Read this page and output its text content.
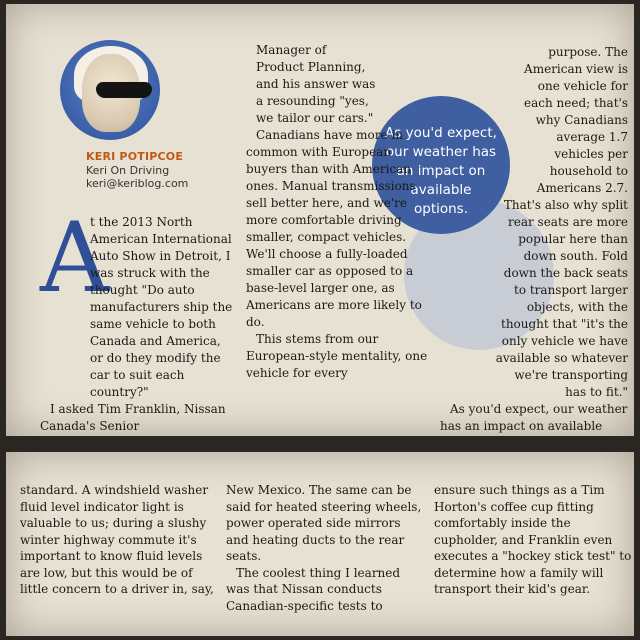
KERI POTIPCOE
Keri On Driving
keri@keriblog.com
As you'd expect, our weather has an impact on available options.
A

t the 2013 North American International Auto Show in Detroit, I was struck with the thought "Do auto manufacturers ship the same vehicle to both Canada and America, or do they modify the car to suit each country?"

I asked Tim Franklin, Nissan Canada's Senior

Manager of Product Planning, and his answer was a resounding "yes, we tailor our cars."

Canadians have more in common with European buyers than with American ones. Manual transmissions sell better here, and we're more comfortable driving smaller, compact vehicles. We'll choose a fully-loaded smaller car as opposed to a base-level larger one, as Americans are more likely to do.

This stems from our European-style mentality, one vehicle for every

purpose. The American view is one vehicle for each need; that's why Canadians average 1.7 vehicles per household to Americans 2.7.

That's also why split rear seats are more popular here than down south. Fold down the back seats to transport larger objects, with the thought that "it's the only vehicle we have available so whatever we're transporting has to fit."

As you'd expect, our weather has an impact on available

standard. A windshield washer fluid level indicator light is valuable to us; during a slushy winter highway commute it's important to know fluid levels are low, but this would be of little concern to a driver in, say,

New Mexico. The same can be said for heated steering wheels, power operated side mirrors and heating ducts to the rear seats.

The coolest thing I learned was that Nissan conducts Canadian-specific tests to

ensure such things as a Tim Horton's coffee cup fitting comfortably inside the cupholder, and Franklin even executes a "hockey stick test" to determine how a family will transport their kid's gear.
